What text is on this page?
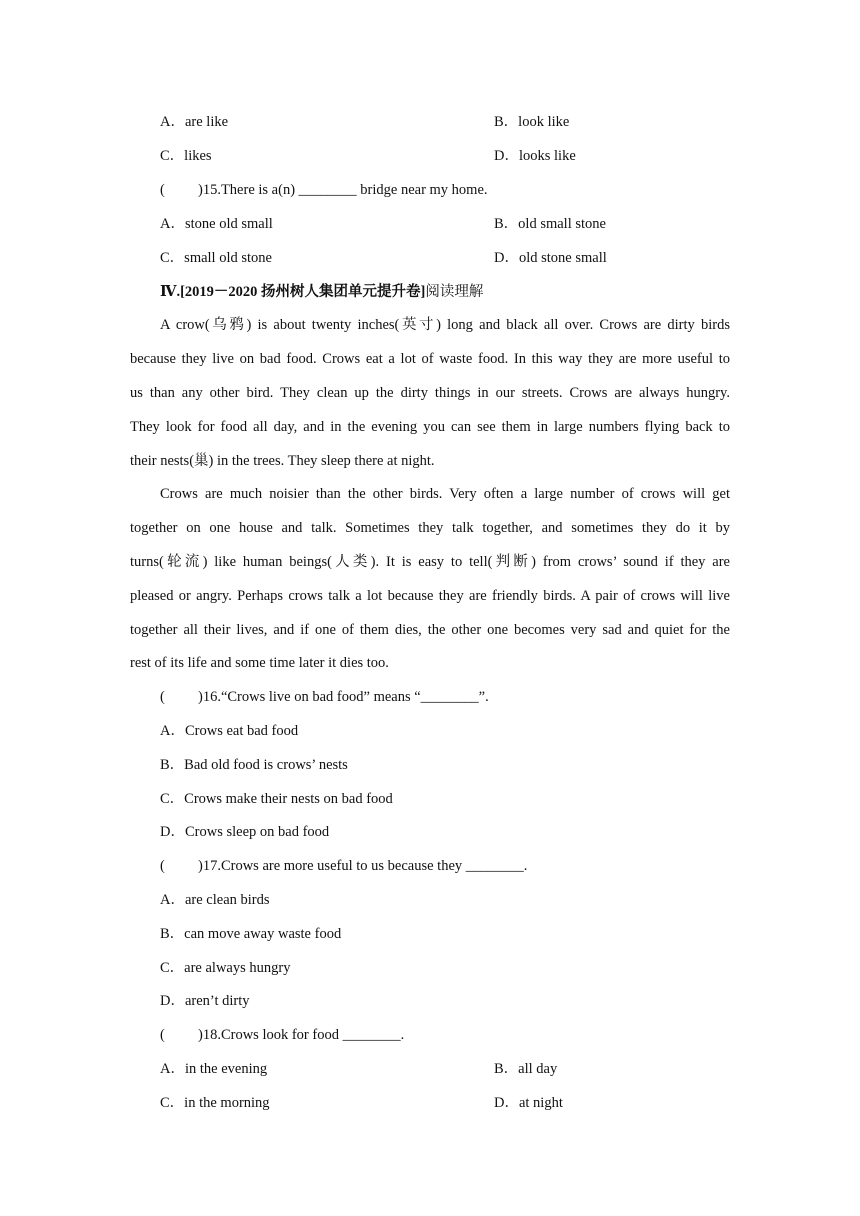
A．are like	B．look like
C．likes	D．looks like
( )15.There is a(n) ________ bridge near my home.
A．stone old small	B．old small stone
C．small old stone	D．old stone small
Ⅳ.[2019－2020 扬州树人集团单元提升卷]阅读理解
A crow(乌鸦) is about twenty inches(英寸) long and black all over. Crows are dirty birds
because they live on bad food. Crows eat a lot of waste food. In this way they are more useful to
us than any other bird. They clean up the dirty things in our streets. Crows are always hungry.
They look for food all day, and in the evening you can see them in large numbers flying back to
their nests(巢) in the trees. They sleep there at night.
Crows are much noisier than the other birds. Very often a large number of crows will get
together on one house and talk. Sometimes they talk together, and sometimes they do it by
turns(轮流) like human beings(人类). It is easy to tell(判断) from crows’ sound if they are
pleased or angry. Perhaps crows talk a lot because they are friendly birds. A pair of crows will live
together all their lives, and if one of them dies, the other one becomes very sad and quiet for the
rest of its life and some time later it dies too.
( )16.“Crows live on bad food” means “________”.
A．Crows eat bad food
B．Bad old food is crows’ nests
C．Crows make their nests on bad food
D．Crows sleep on bad food
( )17.Crows are more useful to us because they ________.
A．are clean birds
B．can move away waste food
C．are always hungry
D．aren’t dirty
( )18.Crows look for food ________.
A．in the evening	B．all day
C．in the morning	D．at night
